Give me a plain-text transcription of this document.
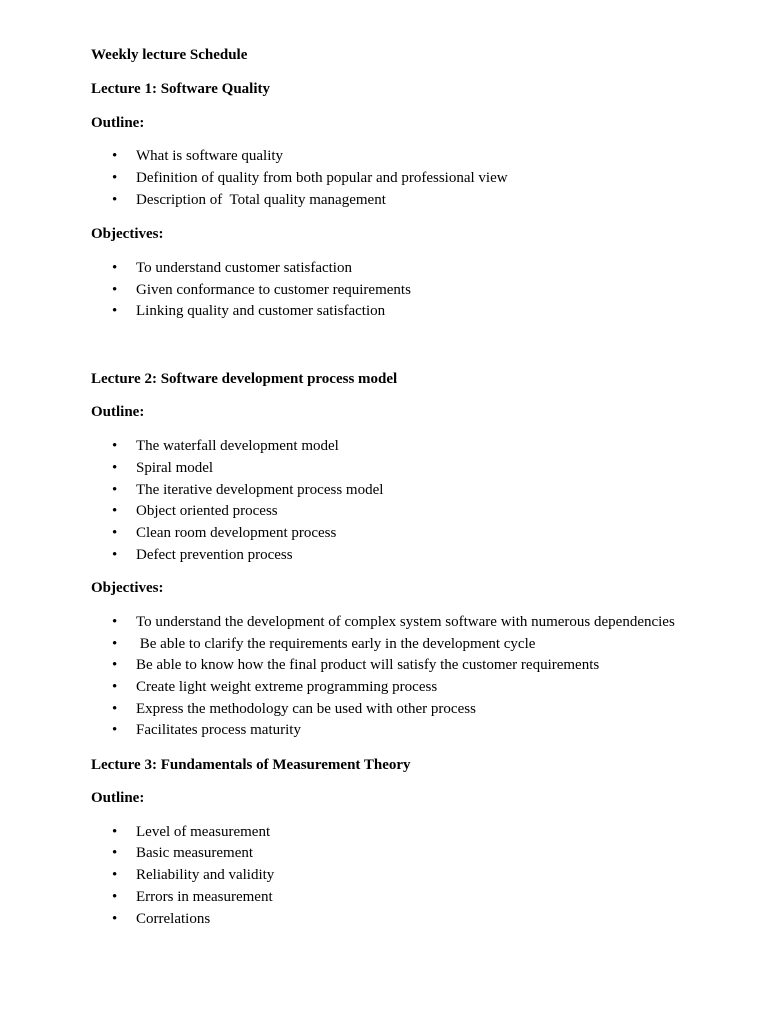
Weekly lecture Schedule
Lecture 1: Software Quality
Outline:
•	What is software quality
•	Definition of quality from both popular and professional view
•	Description of  Total quality management
Objectives:
•	To understand customer satisfaction
•	Given conformance to customer requirements
•	Linking quality and customer satisfaction
Lecture 2: Software development process model
Outline:
•	The waterfall development model
•	Spiral model
•	The iterative development process model
•	Object oriented process
•	Clean room development process
•	Defect prevention process
Objectives:
•	To understand the development of complex system software with numerous dependencies
•	Be able to clarify the requirements early in the development cycle
•	Be able to know how the final product will satisfy the customer requirements
•	Create light weight extreme programming process
•	Express the methodology can be used with other process
•	Facilitates process maturity
Lecture 3: Fundamentals of Measurement Theory
Outline:
•	Level of measurement
•	Basic measurement
•	Reliability and validity
•	Errors in measurement
•	Correlations
